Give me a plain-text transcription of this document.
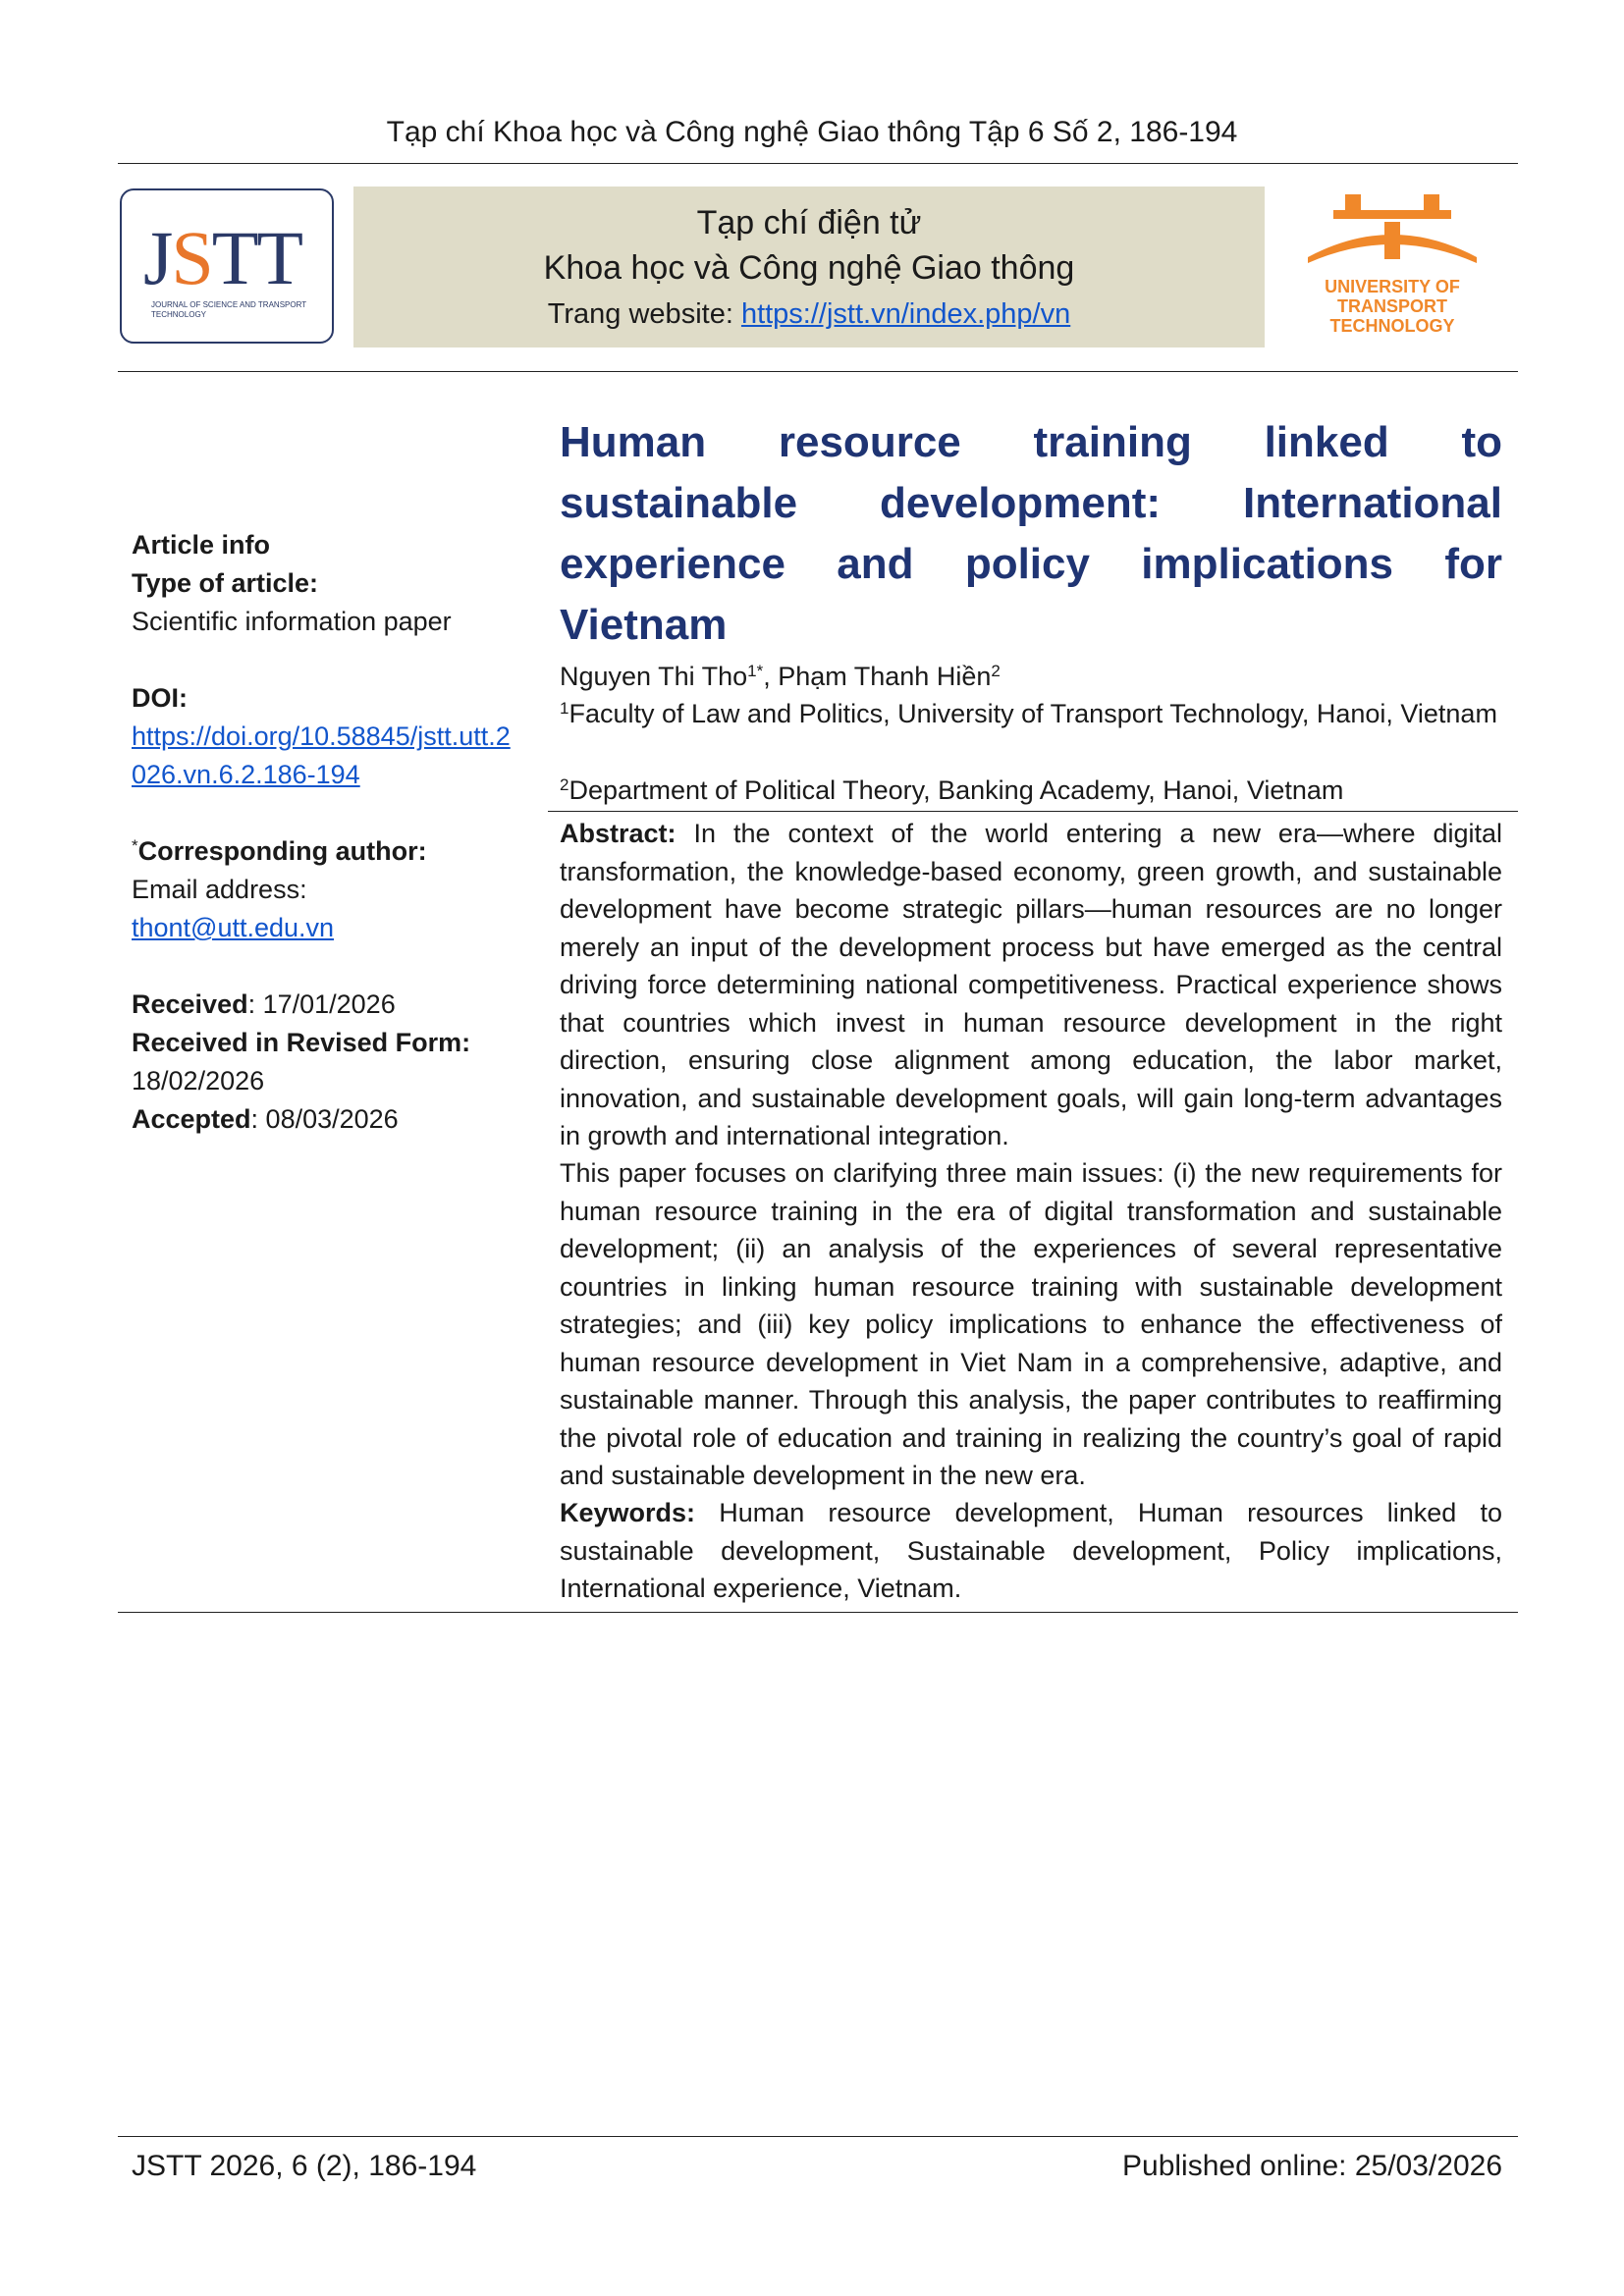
Tạp chí Khoa học và Công nghệ Giao thông Tập 6 Số 2, 186-194
JSTT
JOURNAL OF SCIENCE AND TRANSPORT TECHNOLOGY
Tạp chí điện tử
Khoa học và Công nghệ Giao thông
Trang website: https://jstt.vn/index.php/vn
UNIVERSITY OF
TRANSPORT
TECHNOLOGY
Article info
Type of article:
Scientific information paper
DOI:
https://doi.org/10.58845/jstt.utt.2
026.vn.6.2.186-194
*Corresponding author:
Email address:
thont@utt.edu.vn
Received: 17/01/2026
Received in Revised Form:
18/02/2026
Accepted: 08/03/2026
Human resource training linked to sustainable development: International experience and policy implications for Vietnam
Nguyen Thi Tho$^{1*}$, Phạm Thanh Hiền$^2$
$^1$Faculty of Law and Politics, University of Transport Technology, Hanoi, Vietnam
$^2$Department of Political Theory, Banking Academy, Hanoi, Vietnam
Abstract: In the context of the world entering a new era—where digital transformation, the knowledge-based economy, green growth, and sustainable development have become strategic pillars—human resources are no longer merely an input of the development process but have emerged as the central driving force determining national competitiveness. Practical experience shows that countries which invest in human resource development in the right direction, ensuring close alignment among education, the labor market, innovation, and sustainable development goals, will gain long-term advantages in growth and international integration.
This paper focuses on clarifying three main issues: (i) the new requirements for human resource training in the era of digital transformation and sustainable development; (ii) an analysis of the experiences of several representative countries in linking human resource training with sustainable development strategies; and (iii) key policy implications to enhance the effectiveness of human resource development in Viet Nam in a comprehensive, adaptive, and sustainable manner. Through this analysis, the paper contributes to reaffirming the pivotal role of education and training in realizing the country’s goal of rapid and sustainable development in the new era.
Keywords: Human resource development, Human resources linked to sustainable development, Sustainable development, Policy implications, International experience, Vietnam.
JSTT 2026, 6 (2), 186-194	Published online: 25/03/2026
